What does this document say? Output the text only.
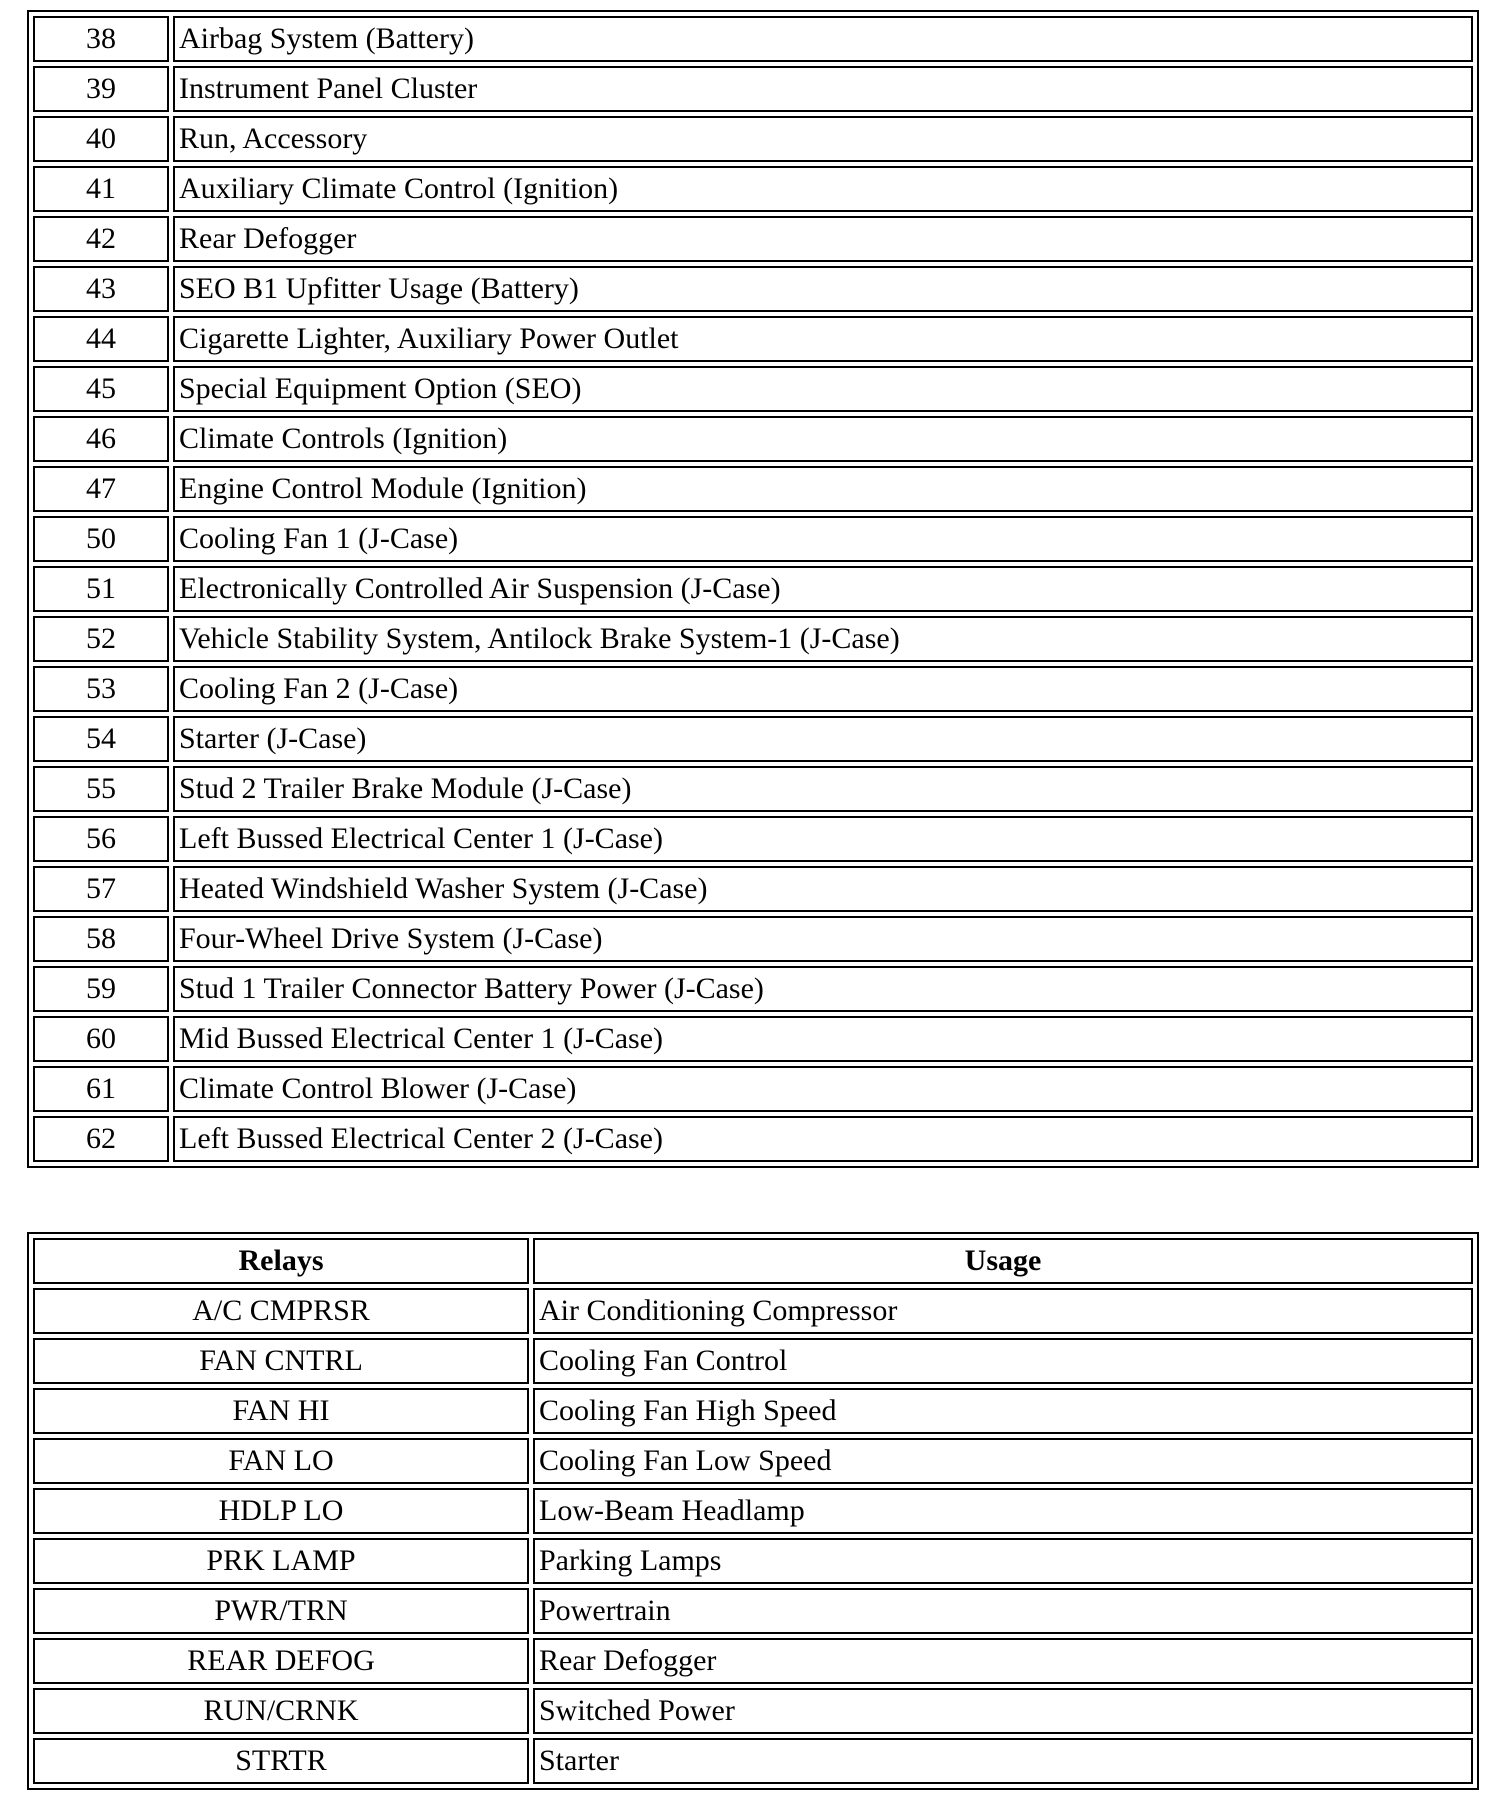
38	Airbag System (Battery)
39	Instrument Panel Cluster
40	Run, Accessory
41	Auxiliary Climate Control (Ignition)
42	Rear Defogger
43	SEO B1 Upfitter Usage (Battery)
44	Cigarette Lighter, Auxiliary Power Outlet
45	Special Equipment Option (SEO)
46	Climate Controls (Ignition)
47	Engine Control Module (Ignition)
50	Cooling Fan 1 (J-Case)
51	Electronically Controlled Air Suspension (J-Case)
52	Vehicle Stability System, Antilock Brake System-1 (J-Case)
53	Cooling Fan 2 (J-Case)
54	Starter (J-Case)
55	Stud 2 Trailer Brake Module (J-Case)
56	Left Bussed Electrical Center 1 (J-Case)
57	Heated Windshield Washer System (J-Case)
58	Four-Wheel Drive System (J-Case)
59	Stud 1 Trailer Connector Battery Power (J-Case)
60	Mid Bussed Electrical Center 1 (J-Case)
61	Climate Control Blower (J-Case)
62	Left Bussed Electrical Center 2 (J-Case)
Relays	Usage
A/C CMPRSR	Air Conditioning Compressor
FAN CNTRL	Cooling Fan Control
FAN HI	Cooling Fan High Speed
FAN LO	Cooling Fan Low Speed
HDLP LO	Low-Beam Headlamp
PRK LAMP	Parking Lamps
PWR/TRN	Powertrain
REAR DEFOG	Rear Defogger
RUN/CRNK	Switched Power
STRTR	Starter
